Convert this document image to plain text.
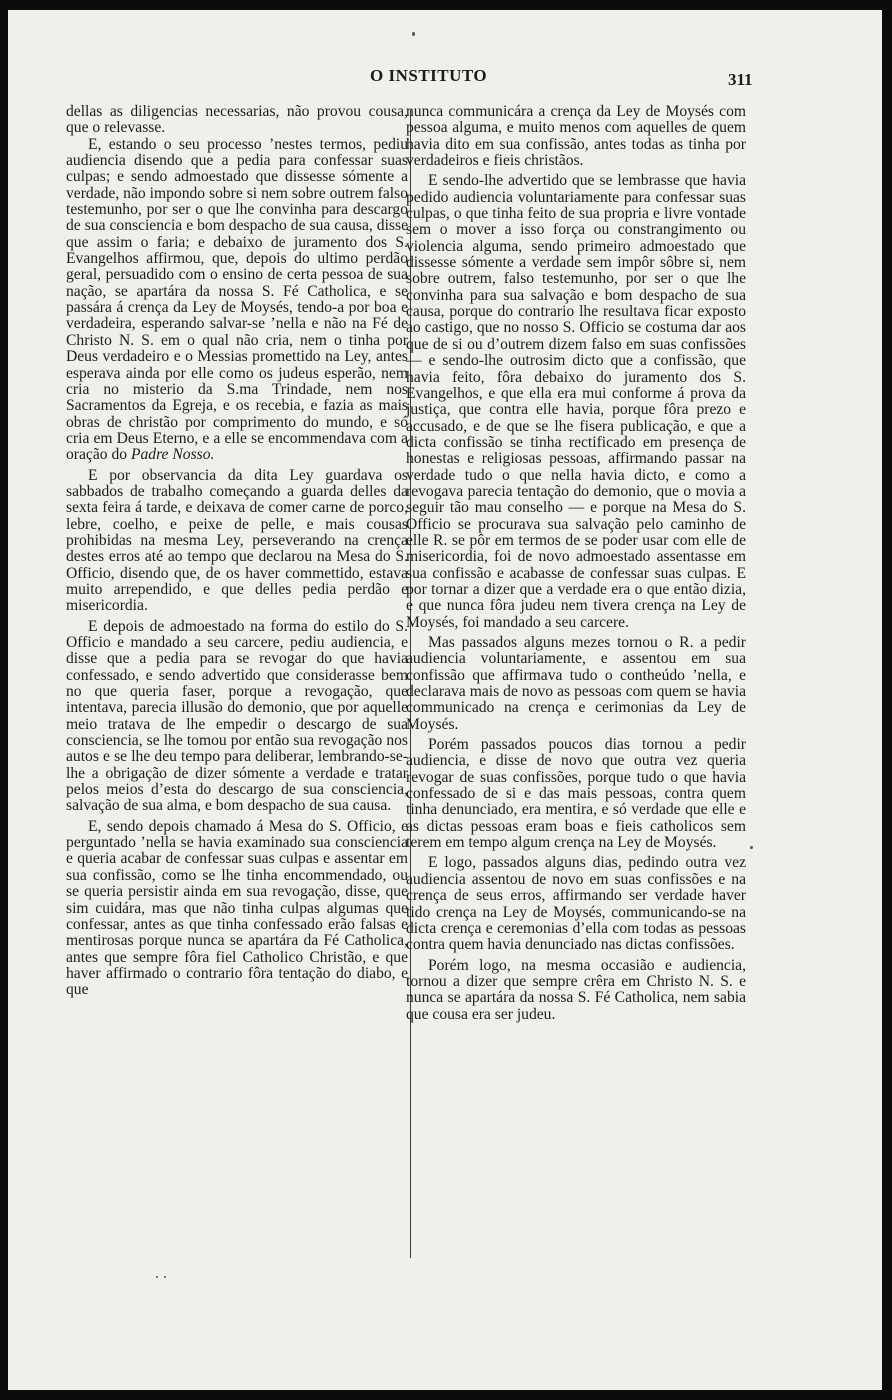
O INSTITUTO	311

dellas as diligencias necessarias, não provou cousa, que o relevasse.

E, estando o seu processo ’nestes termos, pediu audiencia disendo que a pedia para confessar suas culpas; e sendo admoestado que dissesse sómente a verdade, não impondo sobre si nem sobre outrem falso testemunho, por ser o que lhe convinha para descargo de sua consciencia e bom despacho de sua causa, disse que assim o faria; e debaixo de juramento dos S. Evangelhos affirmou, que, depois do ultimo perdão geral, persuadido com o ensino de certa pessoa de sua nação, se apartára da nossa S. Fé Catholica, e se passára á crença da Ley de Moysés, tendo-a por boa e verdadeira, esperando salvar-se ’nella e não na Fé de Christo N. S. em o qual não cria, nem o tinha por Deus verdadeiro e o Messias promettido na Ley, antes esperava ainda por elle como os judeus esperão, nem cria no misterio da S.ma Trindade, nem nos Sacramentos da Egreja, e os recebia, e fazia as mais obras de christão por comprimento do mundo, e só cria em Deus Eterno, e a elle se encommendava com a oração do Padre Nosso.

E por observancia da dita Ley guardava os sabbados de trabalho começando a guarda delles da sexta feira á tarde, e deixava de comer carne de porco, lebre, coelho, e peixe de pelle, e mais cousas prohibidas na mesma Ley, perseverando na crença destes erros até ao tempo que declarou na Mesa do S. Officio, disendo que, de os haver commettido, estava muito arrependido, e que delles pedia perdão e misericordia.

E depois de admoestado na forma do estilo do S. Officio e mandado a seu carcere, pediu audiencia, e disse que a pedia para se revogar do que havia confessado, e sendo advertido que considerasse bem no que queria faser, porque a revogação, que intentava, parecia illusão do demonio, que por aquelle meio tratava de lhe empedir o descargo de sua consciencia, se lhe tomou por então sua revogação nos autos e se lhe deu tempo para deliberar, lembrando-se-lhe a obrigação de dizer sómente a verdade e tratar pelos meios d’esta do descargo de sua consciencia, salvação de sua alma, e bom despacho de sua causa.

E, sendo depois chamado á Mesa do S. Officio, e perguntado ’nella se havia examinado sua consciencia e queria acabar de confessar suas culpas e assentar em sua confissão, como se lhe tinha encommendado, ou se queria persistir ainda em sua revogação, disse, que sim cuidára, mas que não tinha culpas algumas que confessar, antes as que tinha confessado erão falsas e mentirosas porque nunca se apartára da Fé Catholica, antes que sempre fôra fiel Catholico Christão, e que haver affirmado o contrario fôra tentação do diabo, e que

nunca communicára a crença da Ley de Moysés com pessoa alguma, e muito menos com aquelles de quem havia dito em sua confissão, antes todas as tinha por verdadeiros e fieis christãos.

E sendo-lhe advertido que se lembrasse que havia pedido audiencia voluntariamente para confessar suas culpas, o que tinha feito de sua propria e livre vontade sem o mover a isso força ou constrangimento ou violencia alguma, sendo primeiro admoestado que dissesse sómente a verdade sem impôr sôbre si, nem sobre outrem, falso testemunho, por ser o que lhe convinha para sua salvação e bom despacho de sua causa, porque do contrario lhe resultava ficar exposto ao castigo, que no nosso S. Officio se costuma dar aos que de si ou d’outrem dizem falso em suas confissões — e sendo-lhe outrosim dicto que a confissão, que havia feito, fôra debaixo do juramento dos S. Evangelhos, e que ella era mui conforme á prova da justiça, que contra elle havia, porque fôra prezo e accusado, e de que se lhe fisera publicação, e que a dicta confissão se tinha rectificado em presença de honestas e religiosas pessoas, affirmando passar na verdade tudo o que nella havia dicto, e como a revogava parecia tentação do demonio, que o movia a seguir tão mau conselho — e porque na Mesa do S. Officio se procurava sua salvação pelo caminho de elle R. se pôr em termos de se poder usar com elle de misericordia, foi de novo admoestado assentasse em sua confissão e acabasse de confessar suas culpas. E por tornar a dizer que a verdade era o que então dizia, e que nunca fôra judeu nem tivera crença na Ley de Moysés, foi mandado a seu carcere.

Mas passados alguns mezes tornou o R. a pedir audiencia voluntariamente, e assentou em sua confissão que affirmava tudo o contheúdo ’nella, e declarava mais de novo as pessoas com quem se havia communicado na crença e cerimonias da Ley de Moysés.

Porém passados poucos dias tornou a pedir audiencia, e disse de novo que outra vez queria revogar de suas confissões, porque tudo o que havia confessado de si e das mais pessoas, contra quem tinha denunciado, era mentira, e só verdade que elle e as dictas pessoas eram boas e fieis catholicos sem terem em tempo algum crença na Ley de Moysés.

E logo, passados alguns dias, pedindo outra vez audiencia assentou de novo em suas confissões e na crença de seus erros, affirmando ser verdade haver tido crença na Ley de Moysés, communicando-se na dicta crença e ceremonias d’ella com todas as pessoas contra quem havia denunciado nas dictas confissões.

Porém logo, na mesma occasião e audiencia, tornou a dizer que sempre crêra em Christo N. S. e nunca se apartára da nossa S. Fé Catholica, nem sabia que cousa era ser judeu.
